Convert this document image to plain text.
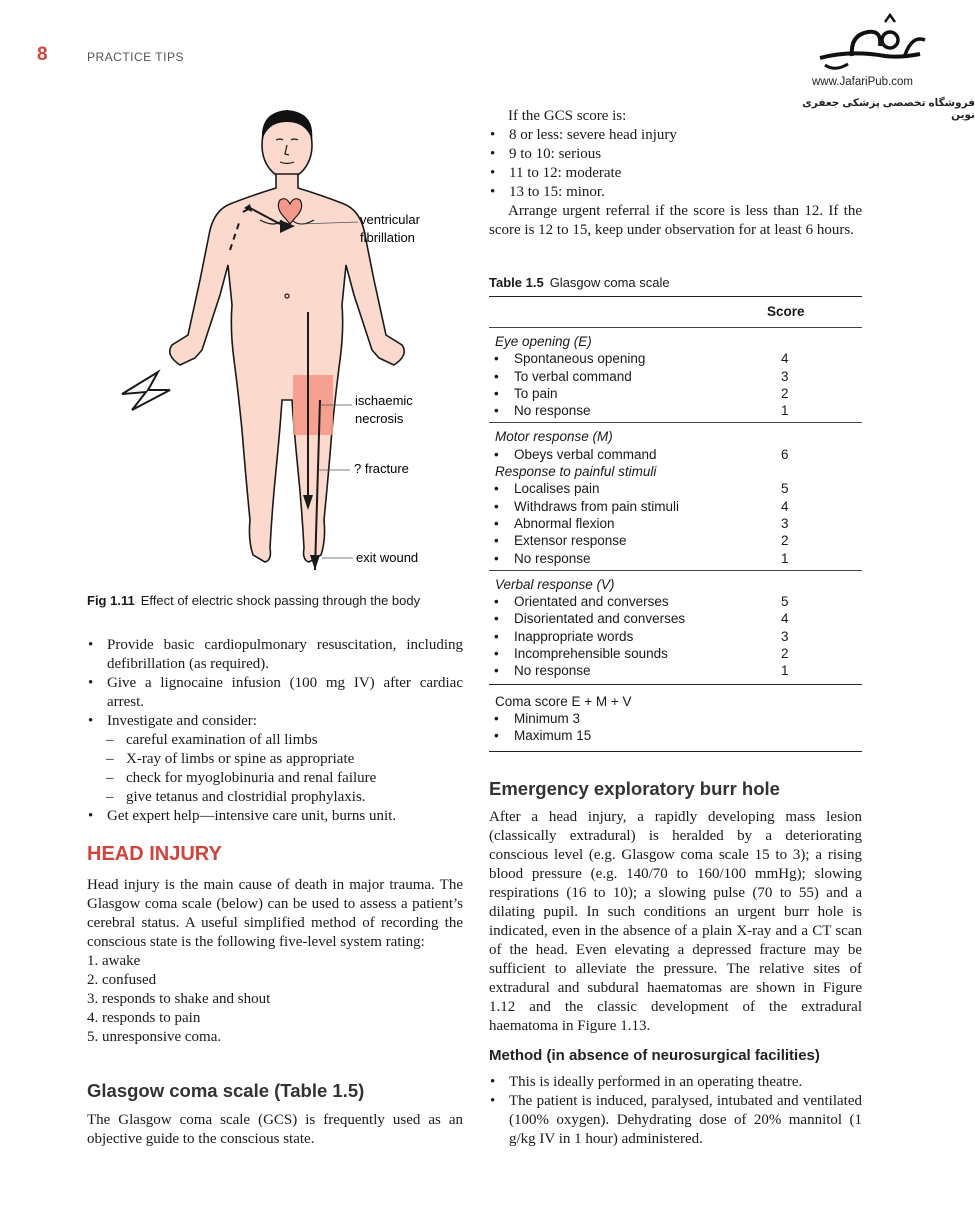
8	PRACTICE TIPS
www.JafariPub.com
فروشگاه تخصصی پزشکی جعفری نوین
ventricular
fibrillation
ischaemic
necrosis
? fracture
exit wound
Fig 1.11 Effect of electric shock passing through the body
• Provide basic cardiopulmonary resuscitation, including defibrillation (as required).
• Give a lignocaine infusion (100 mg IV) after cardiac arrest.
• Investigate and consider:
– careful examination of all limbs
– X-ray of limbs or spine as appropriate
– check for myoglobinuria and renal failure
– give tetanus and clostridial prophylaxis.
• Get expert help—intensive care unit, burns unit.
HEAD INJURY
Head injury is the main cause of death in major trauma. The Glasgow coma scale (below) can be used to assess a patient’s cerebral status. A useful simplified method of recording the conscious state is the following five-level system rating:
1. awake
2. confused
3. responds to shake and shout
4. responds to pain
5. unresponsive coma.
Glasgow coma scale (Table 1.5)
The Glasgow coma scale (GCS) is frequently used as an objective guide to the conscious state.
If the GCS score is:
• 8 or less: severe head injury
• 9 to 10: serious
• 11 to 12: moderate
• 13 to 15: minor.
Arrange urgent referral if the score is less than 12. If the score is 12 to 15, keep under observation for at least 6 hours.
Table 1.5 Glasgow coma scale
Score
Eye opening (E)
• Spontaneous opening	4
• To verbal command	3
• To pain	2
• No response	1
Motor response (M)
• Obeys verbal command	6
Response to painful stimuli
• Localises pain	5
• Withdraws from pain stimuli	4
• Abnormal flexion	3
• Extensor response	2
• No response	1
Verbal response (V)
• Orientated and converses	5
• Disorientated and converses	4
• Inappropriate words	3
• Incomprehensible sounds	2
• No response	1
Coma score E + M + V
• Minimum 3
• Maximum 15
Emergency exploratory burr hole
After a head injury, a rapidly developing mass lesion (classically extradural) is heralded by a deteriorating conscious level (e.g. Glasgow coma scale 15 to 3); a rising blood pressure (e.g. 140/70 to 160/100 mmHg); slowing respirations (16 to 10); a slowing pulse (70 to 55) and a dilating pupil. In such conditions an urgent burr hole is indicated, even in the absence of a plain X-ray and a CT scan of the head. Even elevating a depressed fracture may be sufficient to alleviate the pressure. The relative sites of extradural and subdural haematomas are shown in Figure 1.12 and the classic development of the extradural haematoma in Figure 1.13.
Method (in absence of neurosurgical facilities)
• This is ideally performed in an operating theatre.
• The patient is induced, paralysed, intubated and ventilated (100% oxygen). Dehydrating dose of 20% mannitol (1 g/kg IV in 1 hour) administered.
